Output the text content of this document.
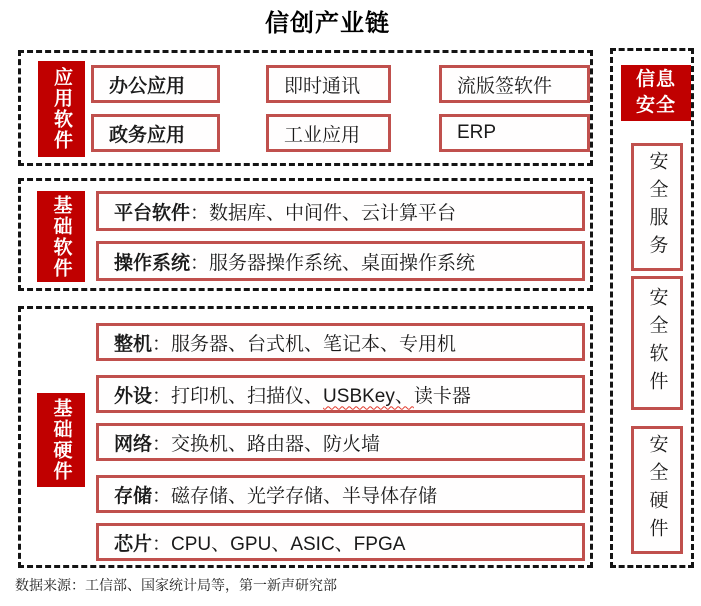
信创产业链
应用软件	办公应用
政务应用
即时通讯
工业应用
流版签软件
ERP
基础软件	平台软件 ： 数据库、中间件、云计算平台
操作系统 ： 服务器操作系统、桌面操作系统
基础硬件
整机 ： 服务器、台式机、笔记本、专用机
外设 ： 打印机、扫描仪、 USBKey、 读卡器
网络 ： 交换机、路由器、防火墙
存储 ： 磁存储、光学存储、半导体存储
芯片 ： CPU、GPU、ASIC、FPGA
信息安全
安全服务
安全软件
安全硬件
数据来源：工信部、国家统计局等，第一新声研究部
